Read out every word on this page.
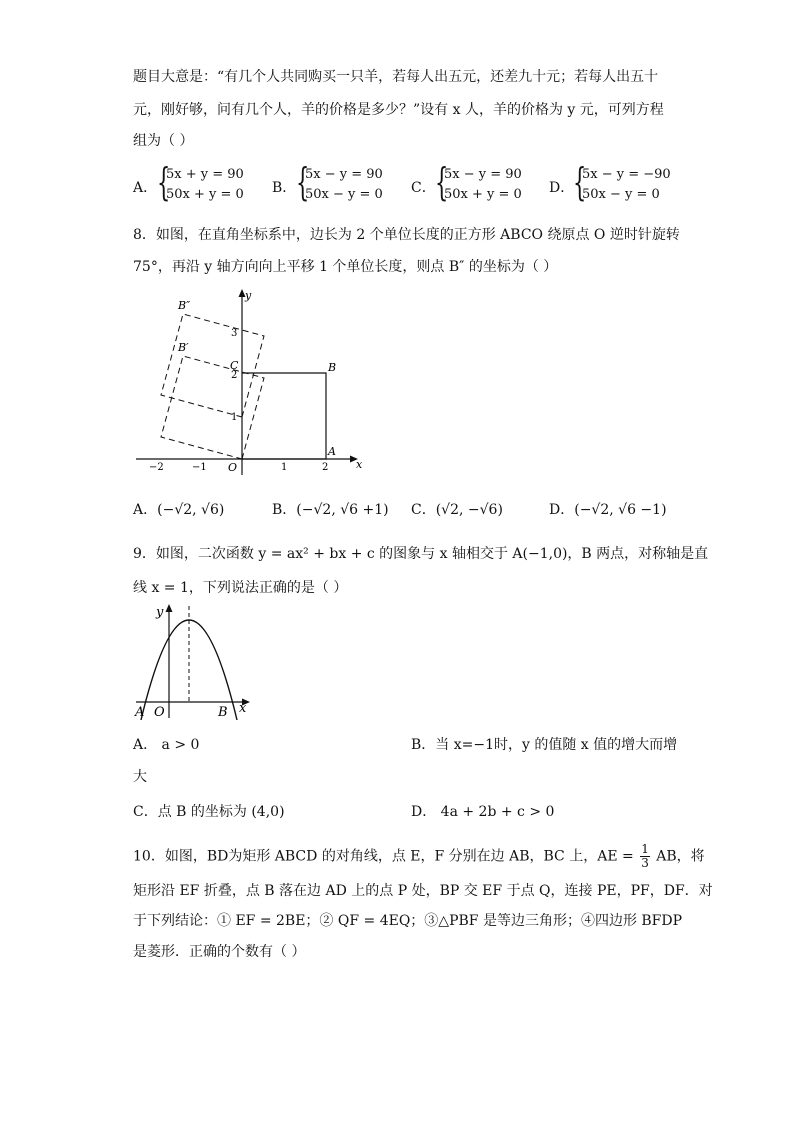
题目大意是：“有几个人共同购买一只羊，若每人出五元，还差九十元；若每人出五十
元，刚好够，问有几个人，羊的价格是多少？”设有 x 人，羊的价格为 y 元，可列方程
组为（ ）
A． {
5x + y = 90
50x + y = 0 B． {
5x − y = 90
50x − y = 0 C． {
5x − y = 90
50x + y = 0 D．
{
5x − y = −90
50x − y = 0
8．如图，在直角坐标系中，边长为 2 个单位长度的正方形 ABCO 绕原点 O 逆时针旋转
75°，再沿 y 轴方向向上平移 1 个单位长度，则点 B″ 的坐标为（ ）
y
x
O
−2	−1	1	2
1
2
3
A
B
C
B′
B″
A．(−√2, √6)	B．(−√2, √6 +1) C．(√2, −√6)	D．(−√2, √6 −1)
9．如图，二次函数 y = ax² + bx + c 的图象与 x 轴相交于 A(−1,0)，B 两点，对称轴是直
线 x = 1，下列说法正确的是（ ）
y
x
A O	B
A． a > 0	B．当 x=−1时，y 的值随 x 值的增大而增
大
C．点 B 的坐标为 (4,0)	D． 4a + 2b + c > 0
10．如图，BD为矩形 ABCD 的对角线，点 E，F 分别在边 AB，BC 上，AE = $\frac{1}{3}$ AB，将
矩形沿 EF 折叠，点 B 落在边 AD 上的点 P 处，BP 交 EF 于点 Q，连接 PE，PF，DF．对
于下列结论：① EF = 2BE；② QF = 4EQ；③△PBF 是等边三角形；④四边形 BFDP
是菱形．正确的个数有（ ）
